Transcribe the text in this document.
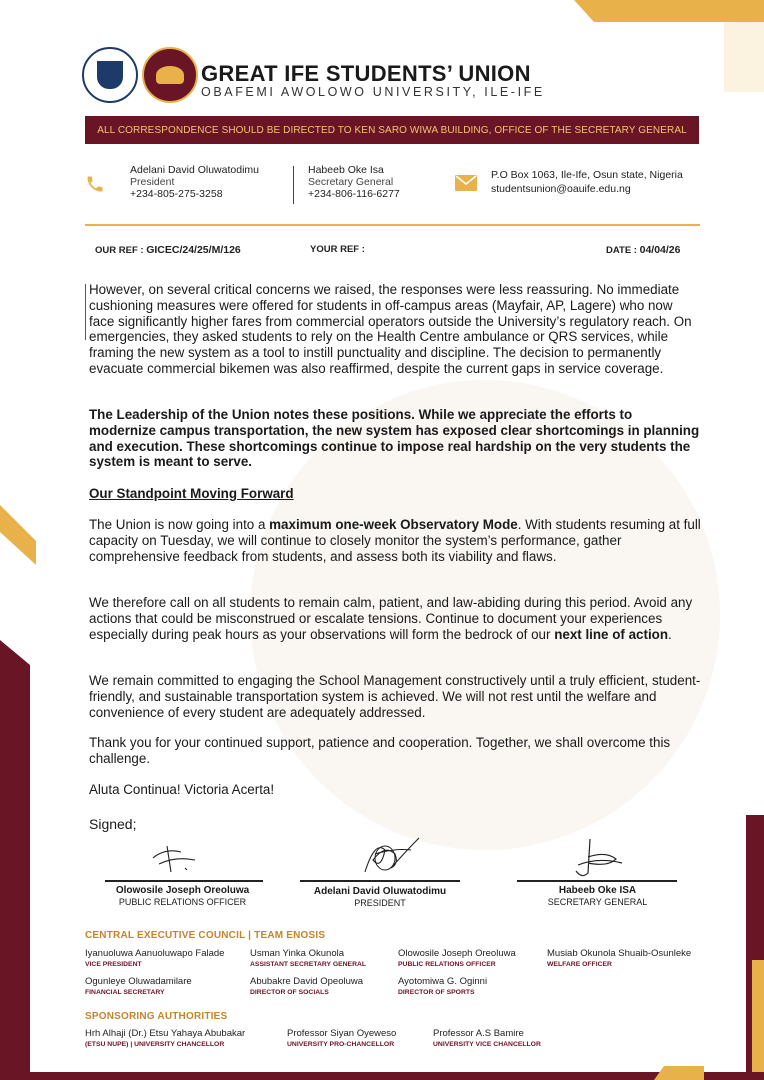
GREAT IFE STUDENTS’ UNION
OBAFEMI AWOLOWO UNIVERSITY, ILE-IFE
ALL CORRESPONDENCE SHOULD BE DIRECTED TO KEN SARO WIWA BUILDING, OFFICE OF THE SECRETARY GENERAL
Adelani David Oluwatodimu
President
+234-805-275-3258
Habeeb Oke Isa
Secretary General
+234-806-116-6277
P.O Box 1063, Ile-Ife, Osun state, Nigeria
studentsunion@oauife.edu.ng
OUR REF : GICEC/24/25/M/126	YOUR REF :	DATE : 04/04/26

However, on several critical concerns we raised, the responses were less reassuring. No immediate cushioning measures were offered for students in off-campus areas (Mayfair, AP, Lagere) who now face significantly higher fares from commercial operators outside the University’s regulatory reach. On emergencies, they asked students to rely on the Health Centre ambulance or QRS services, while framing the new system as a tool to instill punctuality and discipline. The decision to permanently evacuate commercial bikemen was also reaffirmed, despite the current gaps in service coverage.

The Leadership of the Union notes these positions. While we appreciate the efforts to modernize campus transportation, the new system has exposed clear shortcomings in planning and execution. These shortcomings continue to impose real hardship on the very students the system is meant to serve.

Our Standpoint Moving Forward

The Union is now going into a maximum one-week Observatory Mode. With students resuming at full capacity on Tuesday, we will continue to closely monitor the system’s performance, gather comprehensive feedback from students, and assess both its viability and flaws.

We therefore call on all students to remain calm, patient, and law-abiding during this period. Avoid any actions that could be misconstrued or escalate tensions. Continue to document your experiences especially during peak hours as your observations will form the bedrock of our next line of action.

We remain committed to engaging the School Management constructively until a truly efficient, student-friendly, and sustainable transportation system is achieved. We will not rest until the welfare and convenience of every student are adequately addressed.

Thank you for your continued support, patience and cooperation. Together, we shall overcome this challenge.

Aluta Continua! Victoria Acerta!

Signed;
Olowosile Joseph Oreoluwa
PUBLIC RELATIONS OFFICER
Adelani David Oluwatodimu
PRESIDENT
Habeeb Oke ISA
SECRETARY GENERAL
CENTRAL EXECUTIVE COUNCIL | TEAM ENOSIS
Iyanuoluwa Aanuoluwapo Falade
VICE PRESIDENT
Usman Yinka Okunola
ASSISTANT SECRETARY GENERAL
Olowosile Joseph Oreoluwa
PUBLIC RELATIONS OFFICER
Musiab Okunola Shuaib-Osunleke
WELFARE OFFICER
Ogunleye Oluwadamilare
FINANCIAL SECRETARY
Abubakre David Opeoluwa
DIRECTOR OF SOCIALS
Ayotomiwa G. Oginni
DIRECTOR OF SPORTS
SPONSORING AUTHORITIES
Hrh Alhaji (Dr.) Etsu Yahaya Abubakar
(ETSU NUPE) | UNIVERSITY CHANCELLOR
Professor Siyan Oyeweso
UNIVERSITY PRO-CHANCELLOR
Professor A.S Bamire
UNIVERSITY VICE CHANCELLOR
